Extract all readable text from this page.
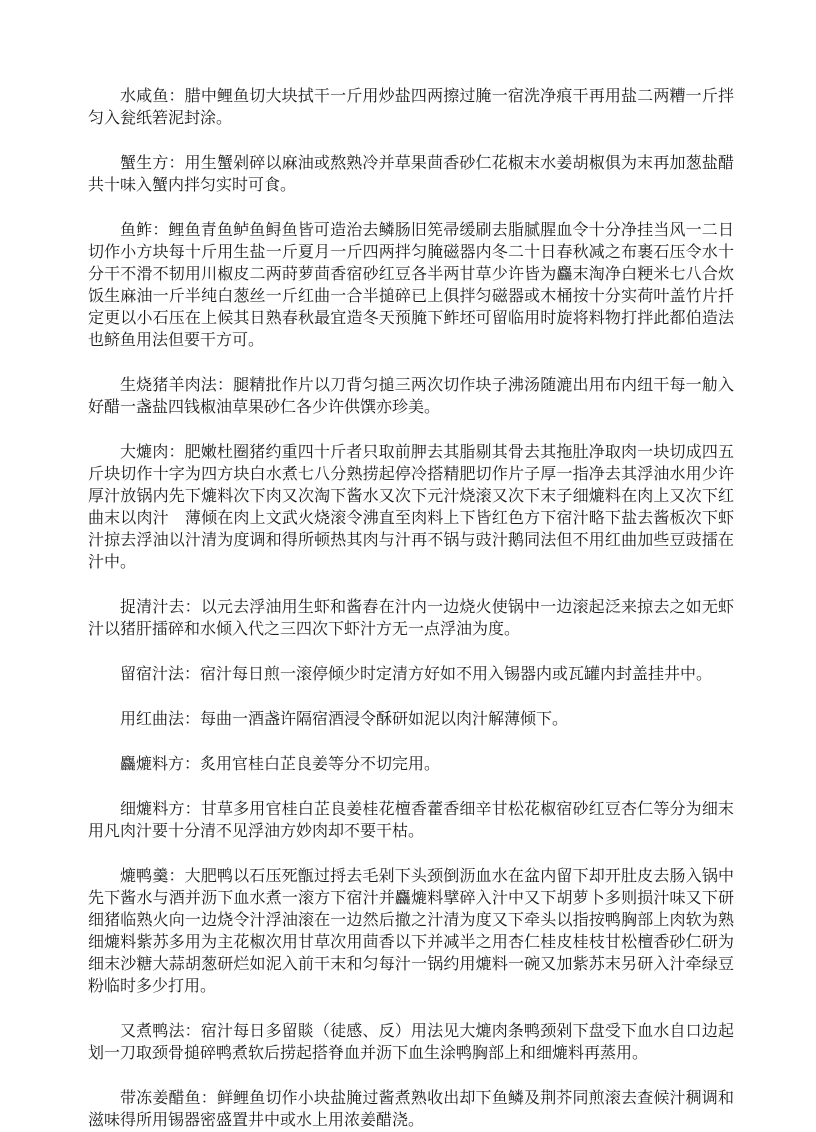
水咸鱼：腊中鲤鱼切大块拭干一斤用炒盐四两擦过腌一宿洗净痕干再用盐二两糟一斤拌匀入瓮纸箬泥封涂。

蟹生方：用生蟹剁碎以麻油或熬熟冷并草果茴香砂仁花椒末水姜胡椒俱为末再加葱盐醋共十味入蟹内拌匀实时可食。

鱼鲊：鲤鱼青鱼鲈鱼鲟鱼皆可造治去鳞肠旧筅帚缓刷去脂腻腥血令十分净挂当风一二日切作小方块每十斤用生盐一斤夏月一斤四两拌匀腌磁器内冬二十日春秋减之布裹石压令水十分干不滑不韧用川椒皮二两莳萝茴香宿砂红豆各半两甘草少许皆为麤末淘净白粳米七八合炊饭生麻油一斤半纯白葱丝一斤红曲一合半搥碎已上俱拌匀磁器或木桶按十分实荷叶盖竹片扦定更以小石压在上候其日熟春秋最宜造冬天预腌下鲊坯可留临用时旋将料物打拌此都伯造法也鲚鱼用法但要干方可。

生烧猪羊肉法：腿精批作片以刀背匀搥三两次切作块子沸汤随漉出用布内纽干每一觔入好醋一盏盐四钱椒油草果砂仁各少许供馔亦珍美。

大熝肉：肥嫩杜圈猪约重四十斤者只取前胛去其脂剔其骨去其拖肚净取肉一块切成四五斤块切作十字为四方块白水煮七八分熟捞起停冷搭精肥切作片子厚一指净去其浮油水用少许厚汁放锅内先下熝料次下肉又次淘下酱水又次下元汁烧滚又次下末子细熝料在肉上又次下红曲末以肉汁　薄倾在肉上文武火烧滚令沸直至肉料上下皆红色方下宿汁略下盐去酱板次下虾汁掠去浮油以汁清为度调和得所顿热其肉与汁再不锅与豉汁鹅同法但不用红曲加些豆豉擂在汁中。

捉清汁去：以元去浮油用生虾和酱舂在汁内一边烧火使锅中一边滚起泛来掠去之如无虾汁以猪肝擂碎和水倾入代之三四次下虾汁方无一点浮油为度。

留宿汁法：宿汁每日煎一滚停倾少时定清方好如不用入锡器内或瓦罐内封盖挂井中。

用红曲法：每曲一酒盏许隔宿酒浸令酥研如泥以肉汁解薄倾下。

麤熝料方：炙用官桂白芷良姜等分不切完用。

细熝料方：甘草多用官桂白芷良姜桂花檀香藿香细辛甘松花椒宿砂红豆杏仁等分为细末用凡肉汁要十分清不见浮油方妙肉却不要干枯。

熝鸭羹：大肥鸭以石压死甑过捋去毛剁下头颈倒沥血水在盆内留下却开肚皮去肠入锅中先下酱水与酒并沥下血水煮一滚方下宿汁并麤熝料擘碎入汁中又下胡萝卜多则损汁味又下研细猪临熟火向一边烧令汁浮油滚在一边然后撤之汁清为度又下牵头以指按鸭胸部上肉软为熟细熝料紫苏多用为主花椒次用甘草次用茴香以下并减半之用杏仁桂皮桂枝甘松檀香砂仁研为细末沙糖大蒜胡葱研烂如泥入前干末和匀每汁一锅约用熝料一碗又加紫苏末另研入汁牵绿豆粉临时多少打用。

又煮鸭法：宿汁每日多留賧（徒感、反）用法见大熝肉条鸭颈剁下盘受下血水自口边起划一刀取颈骨搥碎鸭煮软后捞起搭脊血并沥下血生涂鸭胸部上和细熝料再蒸用。

带冻姜醋鱼：鲜鲤鱼切作小块盐腌过酱煮熟收出却下鱼鳞及荆芥同煎滚去查候汁稠调和滋味得所用锡器密盛置井中或水上用浓姜醋浇。
